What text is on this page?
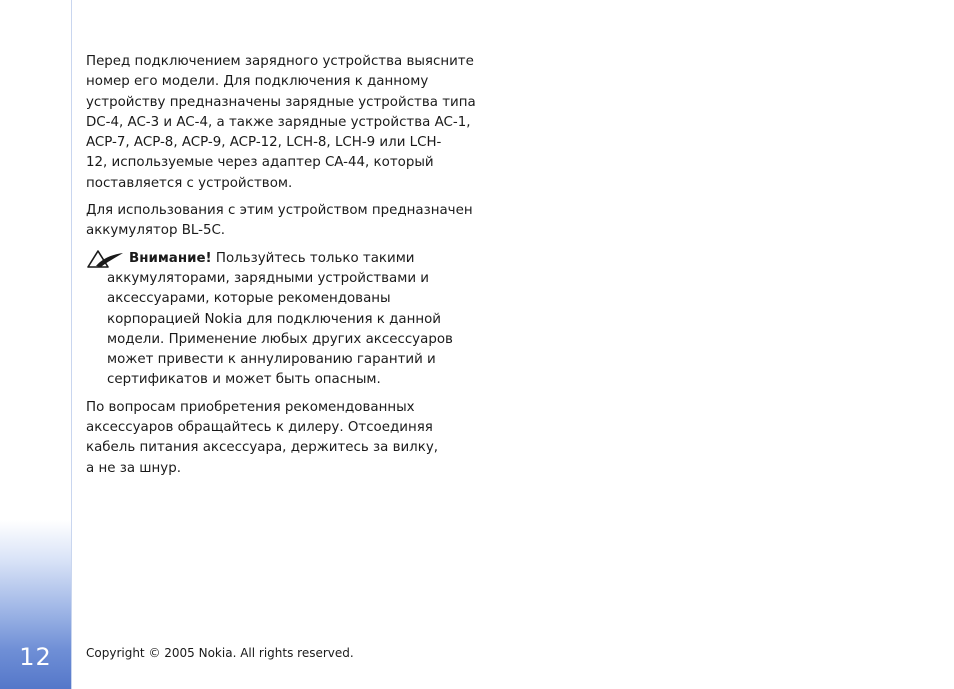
12

Перед подключением зарядного устройства выясните
номер его модели. Для подключения к данному
устройству предназначены зарядные устройства типа
DC-4, AC-3 и AC-4, а также зарядные устройства AC-1,
ACP-7, ACP-8, ACP-9, ACP-12, LCH-8, LCH-9 или LCH-
12, используемые через адаптер CA-44, который
поставляется с устройством.

Для использования с этим устройством предназначен
аккумулятор BL-5C.

Внимание! Пользуйтесь только такими
аккумуляторами, зарядными устройствами и
аксессуарами, которые рекомендованы
корпорацией Nokia для подключения к данной
модели. Применение любых других аксессуаров
может привести к аннулированию гарантий и
сертификатов и может быть опасным.

По вопросам приобретения рекомендованных
аксессуаров обращайтесь к дилеру. Отсоединяя
кабель питания аксессуара, держитесь за вилку,
а не за шнур.

Copyright © 2005 Nokia. All rights reserved.
